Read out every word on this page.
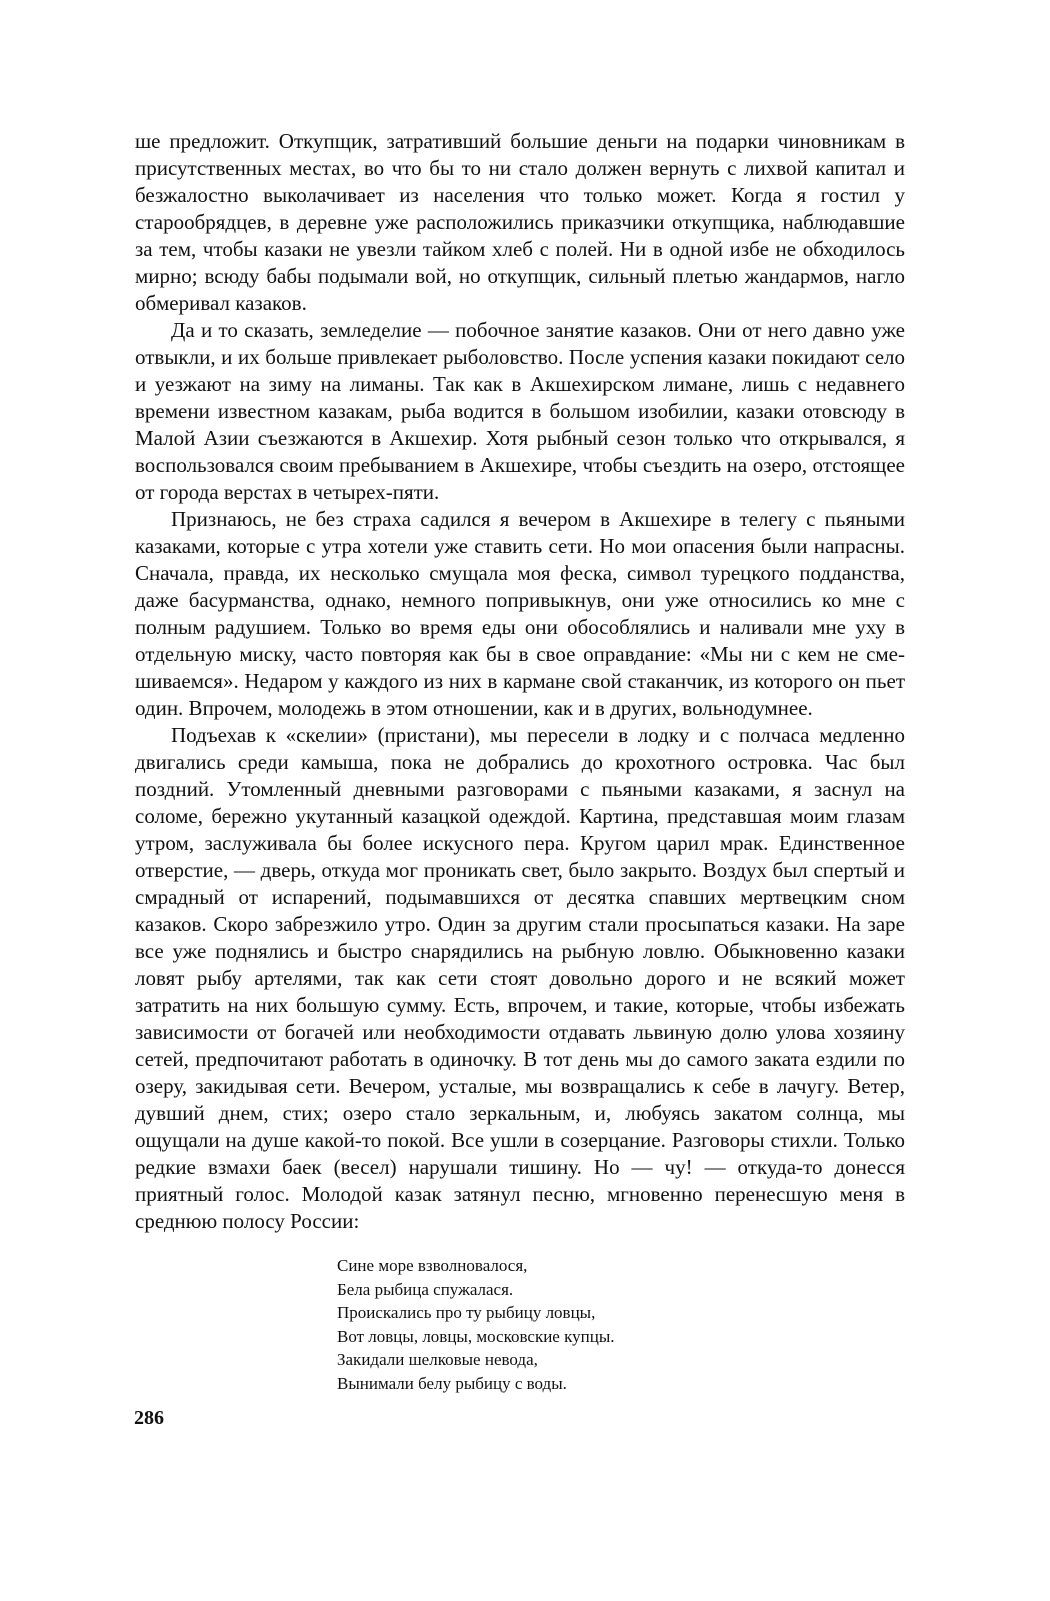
ше предложит. Откупщик, затративший большие деньги на подарки чиновникам в присутственных местах, во что бы то ни стало должен вернуть с лихвой капитал и безжалостно выколачивает из населения что только может. Когда я гостил у старообрядцев, в деревне уже расположились приказчики откупщика, наблюдавшие за тем, чтобы казаки не увезли тайком хлеб с полей. Ни в одной избе не обходилось мирно; всюду бабы подымали вой, но откупщик, сильный плетью жандармов, нагло обмеривал казаков.

Да и то сказать, земледелие — побочное занятие казаков. Они от него давно уже отвыкли, и их больше привлекает рыболовство. После успения казаки покидают село и уезжают на зиму на лиманы. Так как в Акшехирском лимане, лишь с недавнего времени известном казакам, рыба водится в большом изобилии, казаки отовсюду в Малой Азии съезжаются в Акшехир. Хотя рыбный сезон только что открывался, я воспользовался своим пребыванием в Акшехире, чтобы съездить на озеро, отстоящее от города верстах в четырех-пяти.

Признаюсь, не без страха садился я вечером в Акшехире в телегу с пьяными казаками, которые с утра хотели уже ставить сети. Но мои опасения были напрасны. Сначала, правда, их несколько смущала моя феска, символ турецкого подданства, даже басурманства, однако, немного попривыкнув, они уже относились ко мне с полным радушием. Только во время еды они обособлялись и наливали мне уху в отдельную миску, часто повторяя как бы в свое оправдание: «Мы ни с кем не смешиваемся». Недаром у каждого из них в кармане свой стаканчик, из которого он пьет один. Впрочем, молодежь в этом отношении, как и в других, вольнодумнее.

Подъехав к «скелии» (пристани), мы пересели в лодку и с полчаса медленно двигались среди камыша, пока не добрались до крохотного островка. Час был поздний. Утомленный дневными разговорами с пьяными казаками, я заснул на соломе, бережно укутанный казацкой одеждой. Картина, представшая моим глазам утром, заслуживала бы более искусного пера. Кругом царил мрак. Единственное отверстие, — дверь, откуда мог проникать свет, было закрыто. Воздух был спертый и смрадный от испарений, подымавшихся от десятка спавших мертвецким сном казаков. Скоро забрезжило утро. Один за другим стали просыпаться казаки. На заре все уже поднялись и быстро снарядились на рыбную ловлю. Обыкновенно казаки ловят рыбу артелями, так как сети стоят довольно дорого и не всякий может затратить на них большую сумму. Есть, впрочем, и такие, которые, чтобы избежать зависимости от богачей или необходимости отдавать львиную долю улова хозяину сетей, предпочитают работать в одиночку. В тот день мы до самого заката ездили по озеру, закидывая сети. Вечером, усталые, мы возвращались к себе в лачугу. Ветер, дувший днем, стих; озеро стало зеркальным, и, любуясь закатом солнца, мы ощущали на душе какой-то покой. Все ушли в созерцание. Разговоры стихли. Только редкие взмахи баек (весел) нарушали тишину. Но — чу! — откуда-то донесся приятный голос. Молодой казак затянул песню, мгновенно перенесшую меня в среднюю полосу России:

Сине море взволновалося,
Бела рыбица спужалася.
Проискались про ту рыбицу ловцы,
Вот ловцы, ловцы, московские купцы.
Закидали шелковые невода,
Вынимали белу рыбицу с воды.
286
